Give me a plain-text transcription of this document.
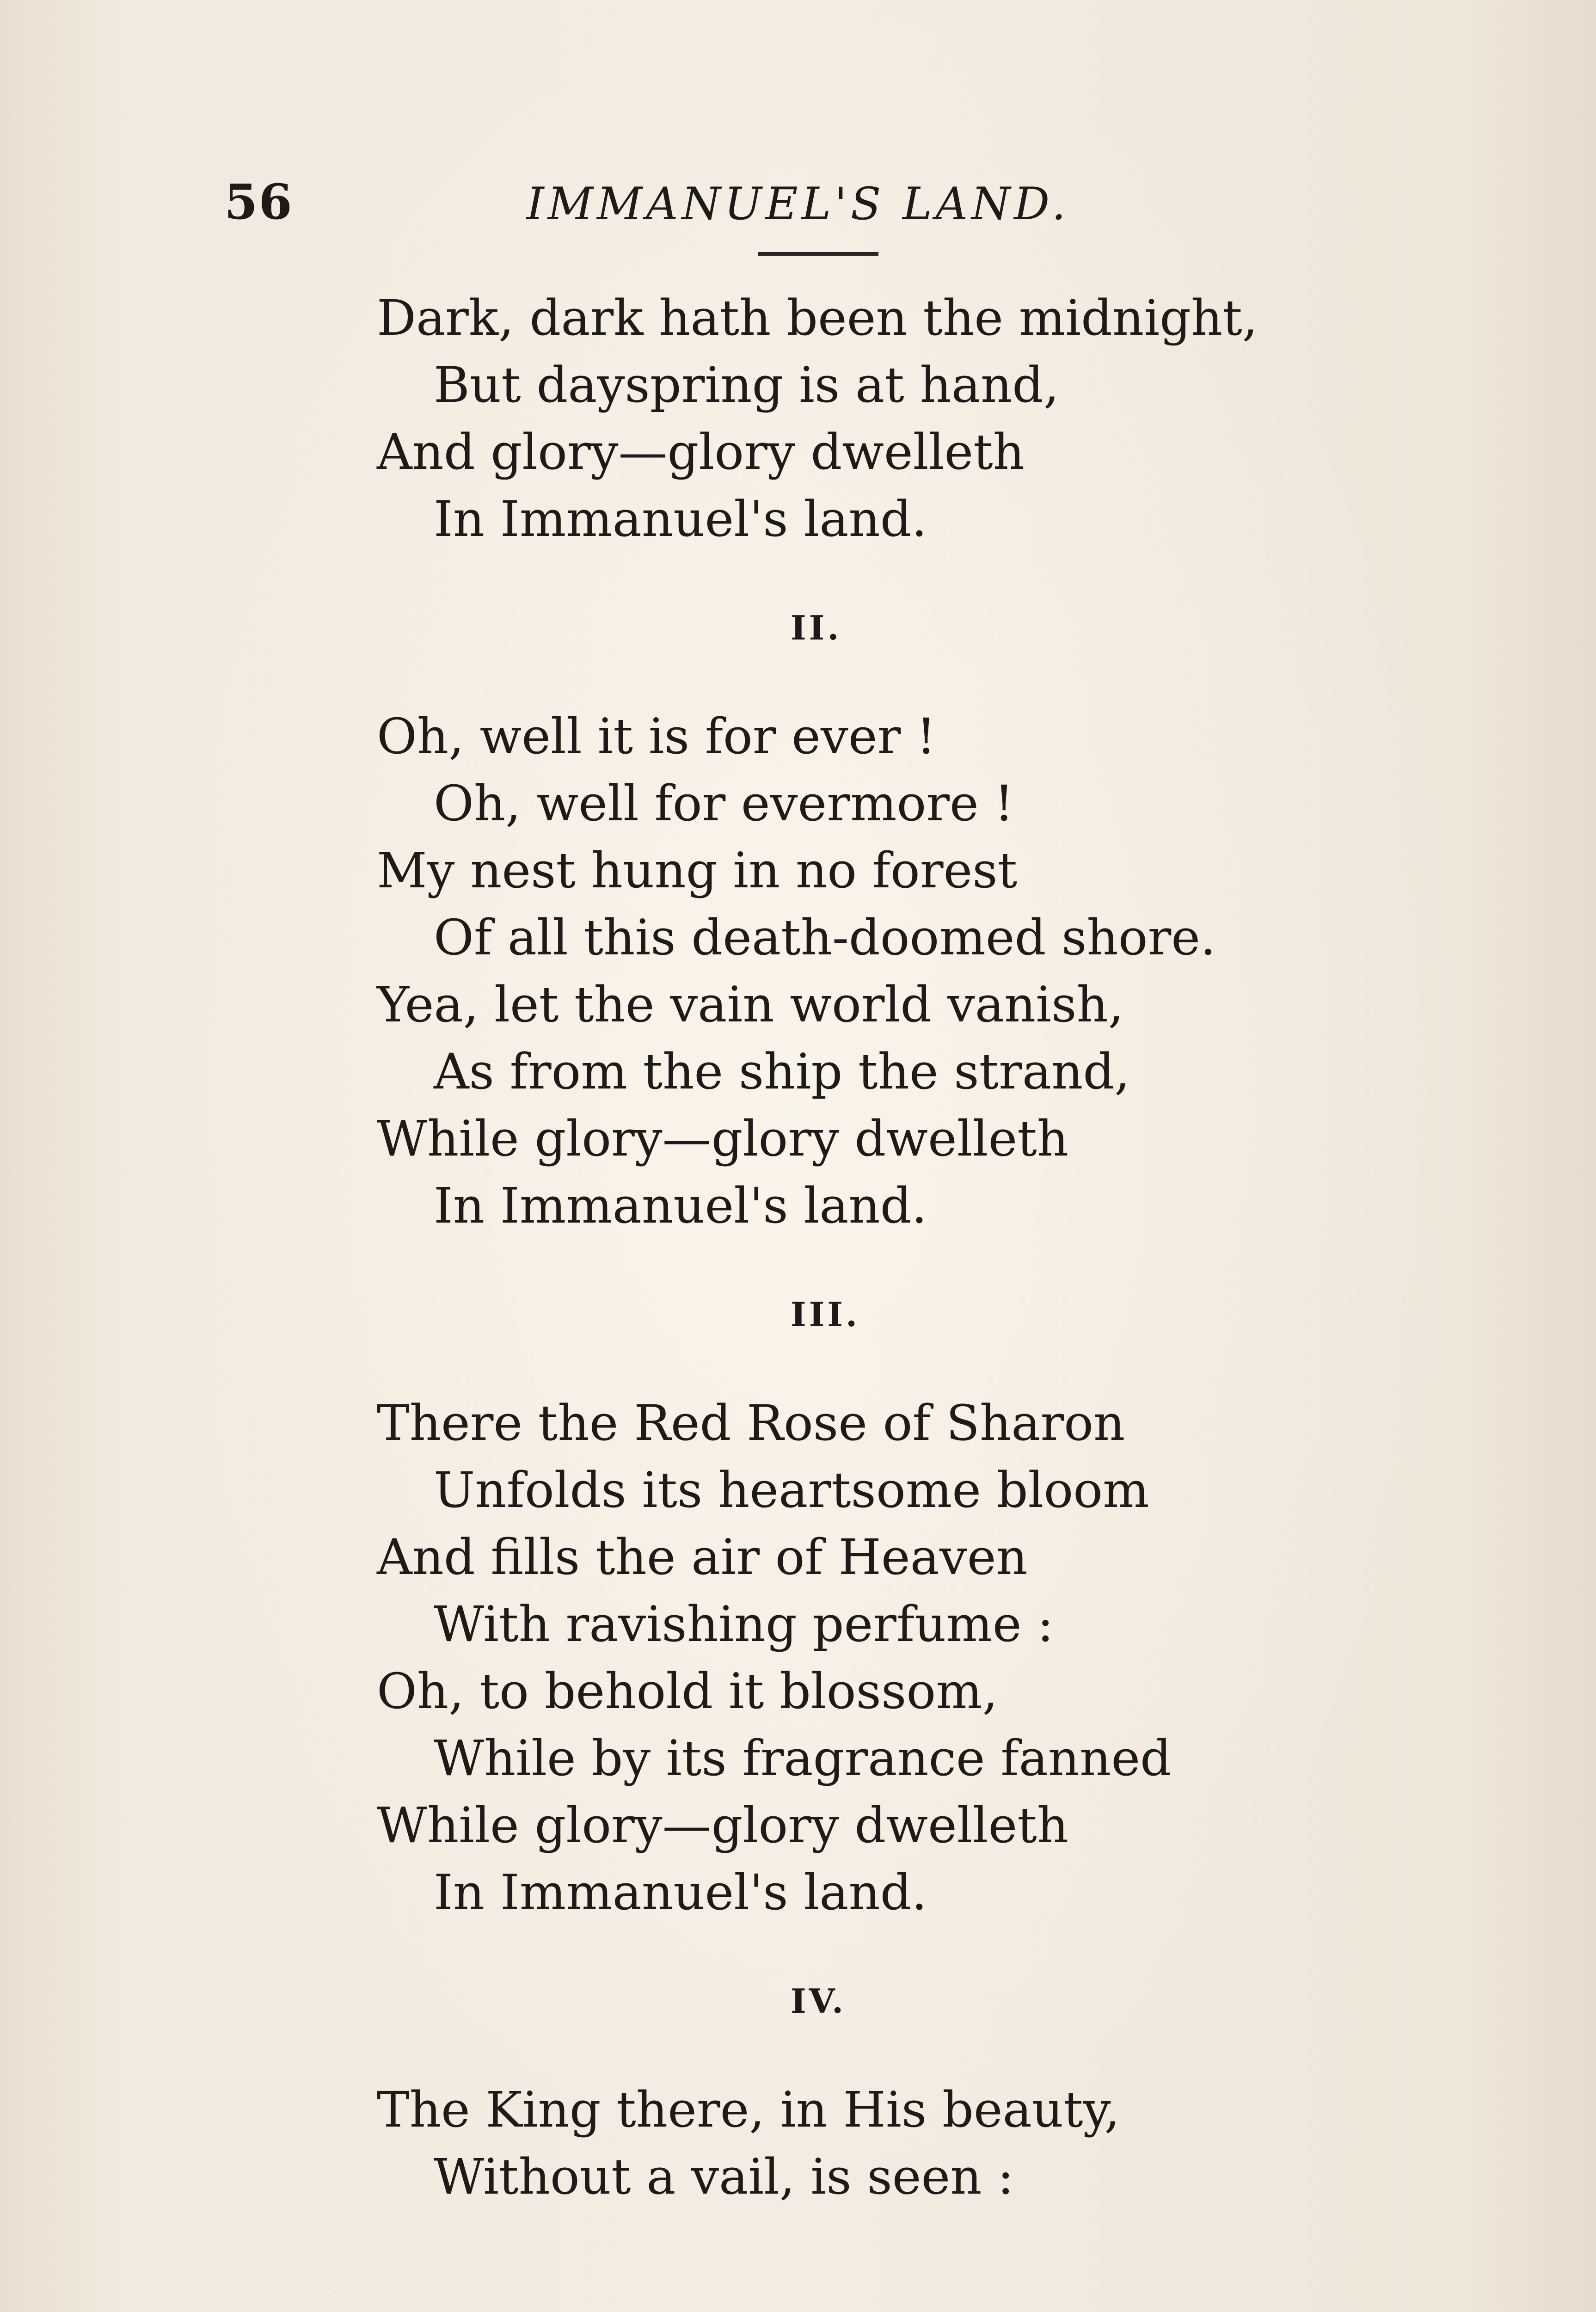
56	IMMANUEL'S LAND.
Dark, dark hath been the midnight,
But dayspring is at hand,
And glory—glory dwelleth
In Immanuel's land.
II.
Oh, well it is for ever !
Oh, well for evermore !
My nest hung in no forest
Of all this death-doomed shore.
Yea, let the vain world vanish,
As from the ship the strand,
While glory—glory dwelleth
In Immanuel's land.
III.
There the Red Rose of Sharon
Unfolds its heartsome bloom
And fills the air of Heaven
With ravishing perfume :
Oh, to behold it blossom,
While by its fragrance fanned
While glory—glory dwelleth
In Immanuel's land.
IV.
The King there, in His beauty,
Without a vail, is seen :
